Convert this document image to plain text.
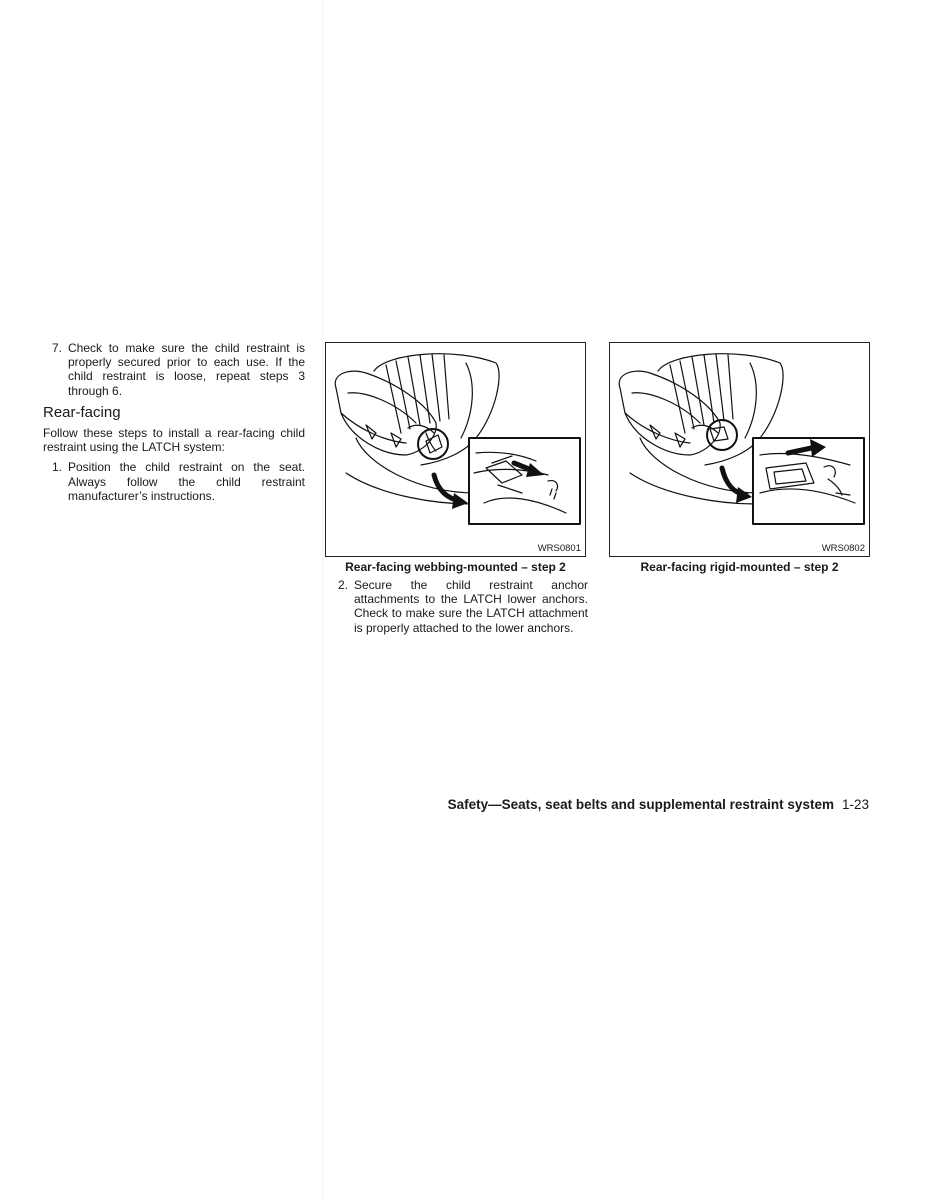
7. Check to make sure the child restraint is properly secured prior to each use. If the child restraint is loose, repeat steps 3 through 6.
Rear-facing

Follow these steps to install a rear-facing child restraint using the LATCH system:

1. Position the child restraint on the seat. Always follow the child restraint manufacturer’s instructions.
WRS0801
Rear-facing webbing-mounted – step 2
WRS0802
Rear-facing rigid-mounted – step 2
2. Secure the child restraint anchor attachments to the LATCH lower anchors. Check to make sure the LATCH attachment is properly attached to the lower anchors.
Safety—Seats, seat belts and supplemental restraint system 1-23
